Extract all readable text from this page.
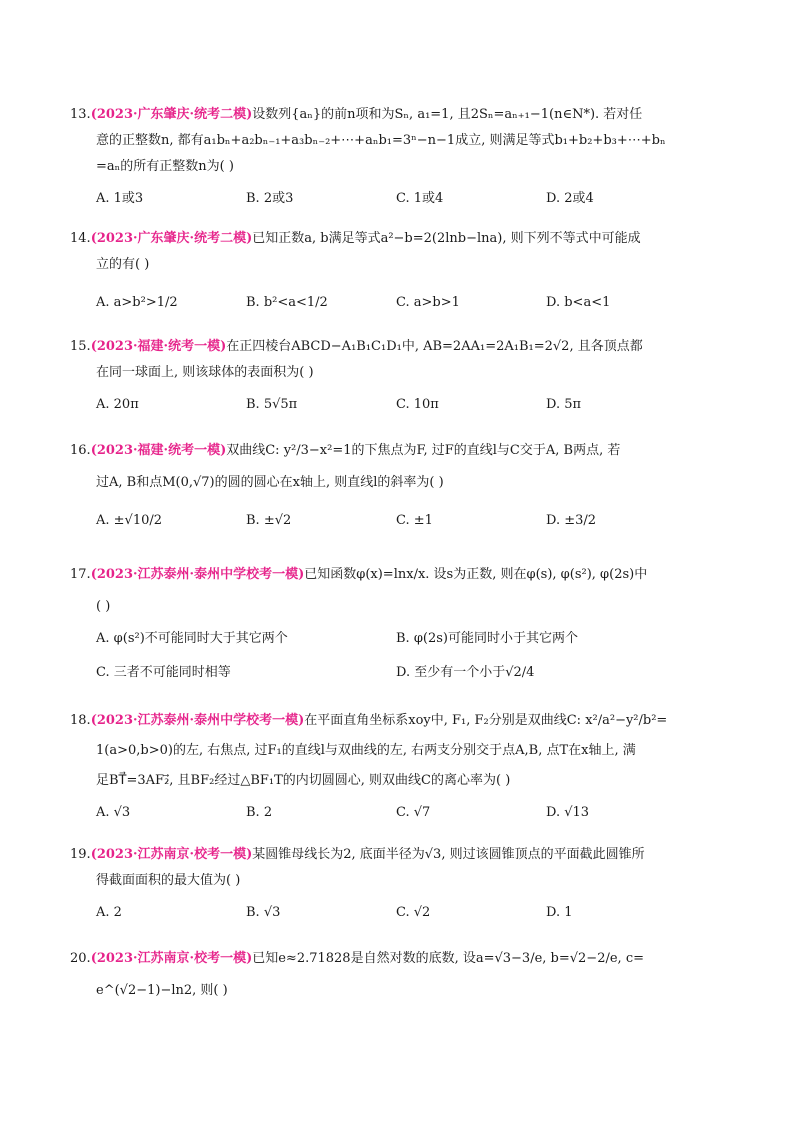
13.(2023·广东肇庆·统考二模)设数列{aₙ}的前n项和为Sₙ, a₁=1, 且2Sₙ=aₙ₊₁−1(n∈N*). 若对任
意的正整数n, 都有a₁bₙ+a₂bₙ₋₁+a₃bₙ₋₂+⋯+aₙb₁=3ⁿ−n−1成立, 则满足等式b₁+b₂+b₃+⋯+bₙ
=aₙ的所有正整数n为( )
A. 1或3	B. 2或3	C. 1或4	D. 2或4
14.(2023·广东肇庆·统考二模)已知正数a, b满足等式a²−b=2(2lnb−lna), 则下列不等式中可能成
立的有( )
A. a>b²>1/2	B. b²<a<1/2	C. a>b>1	D. b<a<1
15.(2023·福建·统考一模)在正四棱台ABCD−A₁B₁C₁D₁中, AB=2AA₁=2A₁B₁=2√2, 且各顶点都
在同一球面上, 则该球体的表面积为( )
A. 20π	B. 5√5π	C. 10π	D. 5π
16.(2023·福建·统考一模)双曲线C: y²/3−x²=1的下焦点为F, 过F的直线l与C交于A, B两点, 若
过A, B和点M(0,√7)的圆的圆心在x轴上, 则直线l的斜率为( )
A. ±√10/2	B. ±√2	C. ±1	D. ±3/2
17.(2023·江苏泰州·泰州中学校考一模)已知函数φ(x)=lnx/x. 设s为正数, 则在φ(s), φ(s²), φ(2s)中
( )
A. φ(s²)不可能同时大于其它两个	B. φ(2s)可能同时小于其它两个
C. 三者不可能同时相等	D. 至少有一个小于√2/4
18.(2023·江苏泰州·泰州中学校考一模)在平面直角坐标系xoy中, F₁, F₂分别是双曲线C: x²/a²−y²/b²=
1(a>0,b>0)的左, 右焦点, 过F₁的直线l与双曲线的左, 右两支分别交于点A,B, 点T在x轴上, 满
足BT⃗=3AF₂⃗, 且BF₂经过△BF₁T的内切圆圆心, 则双曲线C的离心率为( )
A. √3	B. 2	C. √7	D. √13
19.(2023·江苏南京·校考一模)某圆锥母线长为2, 底面半径为√3, 则过该圆锥顶点的平面截此圆锥所
得截面面积的最大值为( )
A. 2	B. √3	C. √2	D. 1
20.(2023·江苏南京·校考一模)已知e≈2.71828是自然对数的底数, 设a=√3−3/e, b=√2−2/e, c=
e^(√2−1)−ln2, 则( )
